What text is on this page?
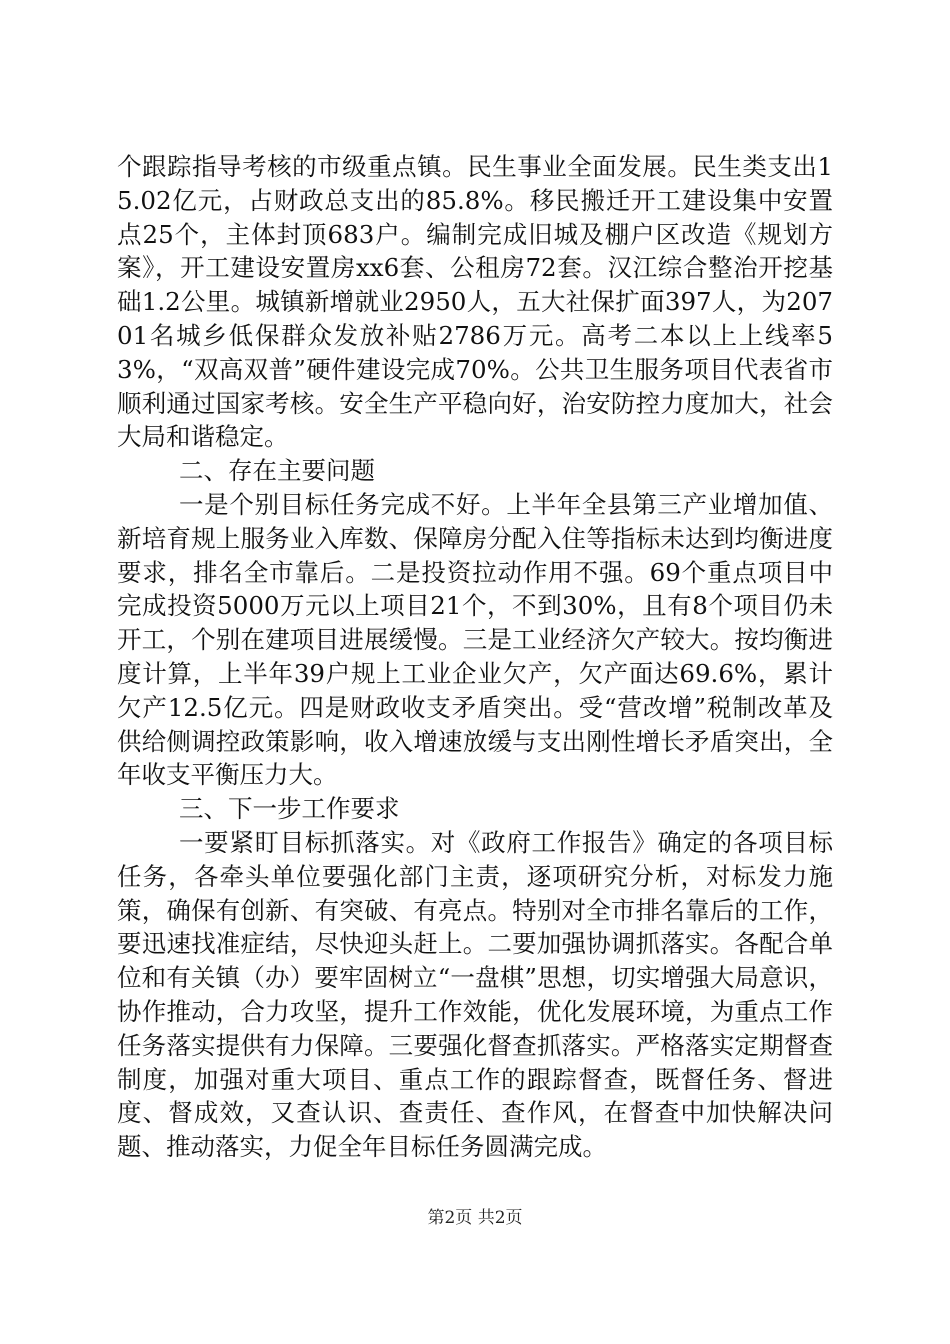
个跟踪指导考核的市级重点镇。民生事业全面发展。民生类支出15.02亿元，占财政总支出的85.8%。移民搬迁开工建设集中安置点25个，主体封顶683户。编制完成旧城及棚户区改造《规划方案》，开工建设安置房xx6套、公租房72套。汉江综合整治开挖基础1.2公里。城镇新增就业2950人，五大社保扩面397人，为20701名城乡低保群众发放补贴2786万元。高考二本以上上线率53%，“双高双普”硬件建设完成70%。公共卫生服务项目代表省市顺利通过国家考核。安全生产平稳向好，治安防控力度加大，社会大局和谐稳定。

二、存在主要问题

一是个别目标任务完成不好。上半年全县第三产业增加值、新培育规上服务业入库数、保障房分配入住等指标未达到均衡进度要求，排名全市靠后。二是投资拉动作用不强。69个重点项目中完成投资5000万元以上项目21个，不到30%，且有8个项目仍未开工，个别在建项目进展缓慢。三是工业经济欠产较大。按均衡进度计算，上半年39户规上工业企业欠产，欠产面达69.6%，累计欠产12.5亿元。四是财政收支矛盾突出。受“营改增”税制改革及供给侧调控政策影响，收入增速放缓与支出刚性增长矛盾突出，全年收支平衡压力大。

三、下一步工作要求

一要紧盯目标抓落实。对《政府工作报告》确定的各项目标任务，各牵头单位要强化部门主责，逐项研究分析，对标发力施策，确保有创新、有突破、有亮点。特别对全市排名靠后的工作，要迅速找准症结，尽快迎头赶上。二要加强协调抓落实。各配合单位和有关镇（办）要牢固树立“一盘棋”思想，切实增强大局意识，协作推动，合力攻坚，提升工作效能，优化发展环境，为重点工作任务落实提供有力保障。三要强化督查抓落实。严格落实定期督查制度，加强对重大项目、重点工作的跟踪督查，既督任务、督进度、督成效，又查认识、查责任、查作风，在督查中加快解决问题、推动落实，力促全年目标任务圆满完成。

第2页 共2页
